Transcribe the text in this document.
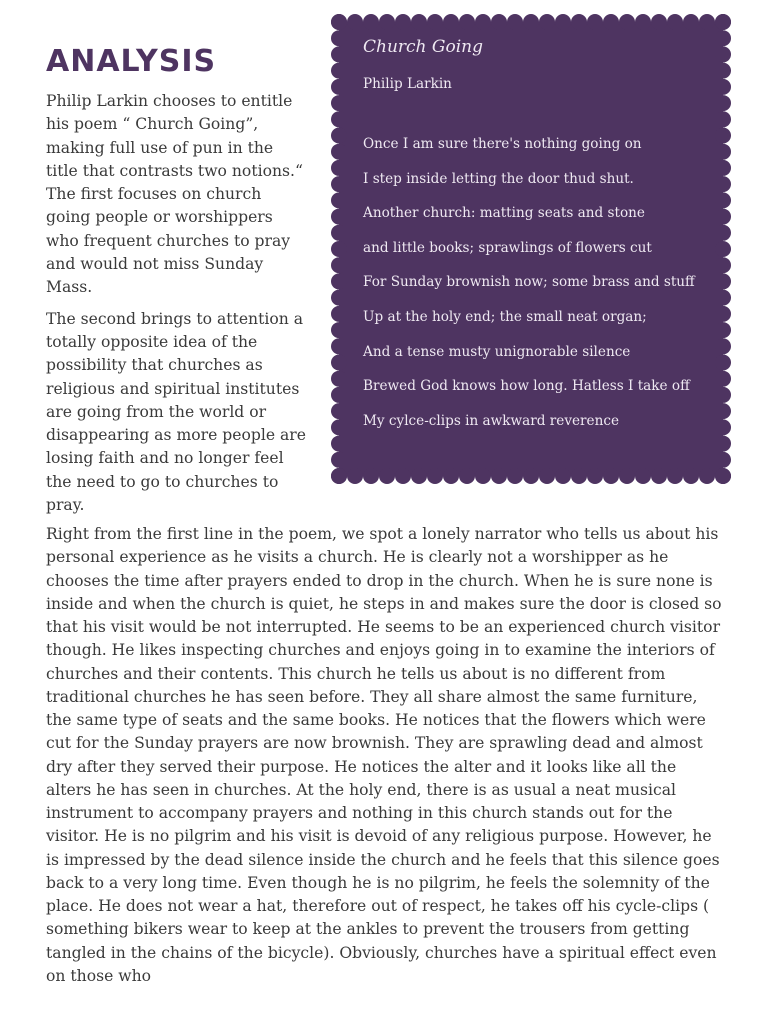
ANALYSIS

Philip Larkin chooses to entitle his poem “ Church Going”, making full use of pun in the title that contrasts two notions.“ The first focuses on church going people or worshippers who frequent churches to pray and would not miss Sunday Mass.

The second brings to attention a totally opposite idea of the possibility that churches as religious and spiritual institutes are going from the world or disappearing as more people are losing faith and no longer feel the need to go to churches to pray.

Church Going

Philip Larkin

Once I am sure there's nothing going on
I step inside letting the door thud shut.
Another church: matting seats and stone
and little books; sprawlings of flowers cut
For Sunday brownish now; some brass and stuff
Up at the holy end; the small neat organ;
And a tense musty unignorable silence
Brewed God knows how long. Hatless I take off
My cylce-clips in awkward reverence

Right from the first line in the poem, we spot a lonely narrator who tells us about his personal experience as he visits a church. He is clearly not a worshipper as he chooses the time after prayers ended to drop in the church. When he is sure none is inside and when the church is quiet, he steps in and makes sure the door is closed so that his visit would be not interrupted. He seems to be an experienced church visitor though. He likes inspecting churches and enjoys going in to examine the interiors of churches and their contents. This church he tells us about is no different from traditional churches he has seen before. They all share almost the same furniture, the same type of seats and the same books. He notices that the flowers which were cut for the Sunday prayers are now brownish. They are sprawling dead and almost dry after they served their purpose. He notices the alter and it looks like all the alters he has seen in churches. At the holy end, there is as usual a neat musical instrument to accompany prayers and nothing in this church stands out for the visitor. He is no pilgrim and his visit is devoid of any religious purpose. However, he is impressed by the dead silence inside the church and he feels that this silence goes back to a very long time. Even though he is no pilgrim, he feels the solemnity of the place. He does not wear a hat, therefore out of respect, he takes off his cycle-clips ( something bikers wear to keep at the ankles to prevent the trousers from getting tangled in the chains of the bicycle). Obviously, churches have a spiritual effect even on those who
